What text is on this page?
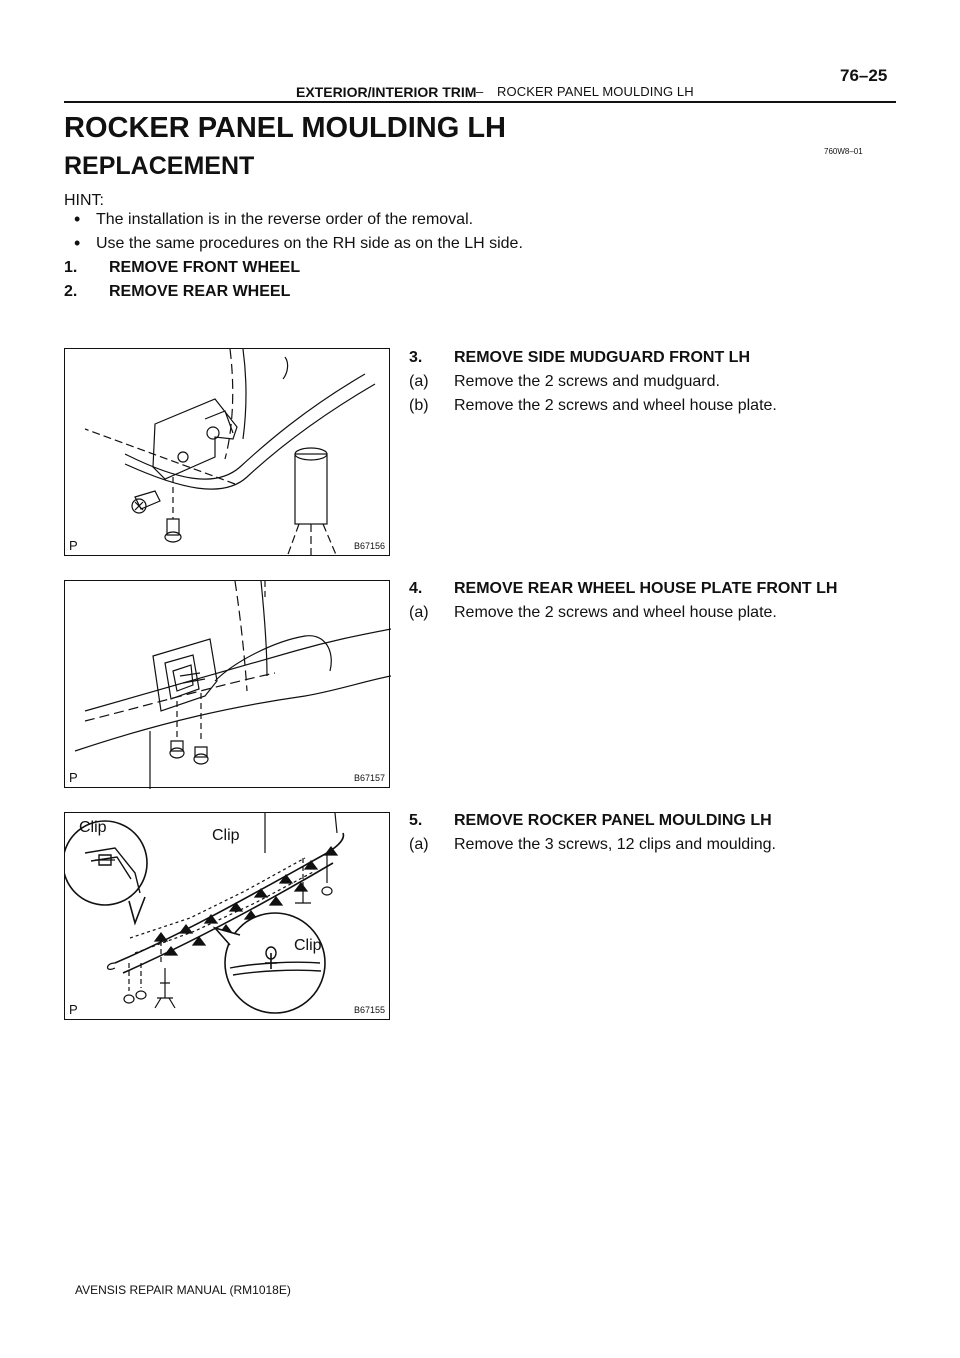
EXTERIOR/INTERIOR TRIM – ROCKER PANEL MOULDING LH
76–25
ROCKER PANEL MOULDING LH
760W8–01
REPLACEMENT
HINT:
• The installation is in the reverse order of the removal.
• Use the same procedures on the RH side as on the LH side.
1. REMOVE FRONT WHEEL
2. REMOVE REAR WHEEL
3. REMOVE SIDE MUDGUARD FRONT LH
(a) Remove the 2 screws and mudguard.
(b) Remove the 2 screws and wheel house plate.
4. REMOVE REAR WHEEL HOUSE PLATE FRONT LH
(a) Remove the 2 screws and wheel house plate.
5. REMOVE ROCKER PANEL MOULDING LH
(a) Remove the 3 screws, 12 clips and moulding.
P	B67156
P	B67157
Clip	Clip
Clip
P	B67155
AVENSIS REPAIR MANUAL (RM1018E)
